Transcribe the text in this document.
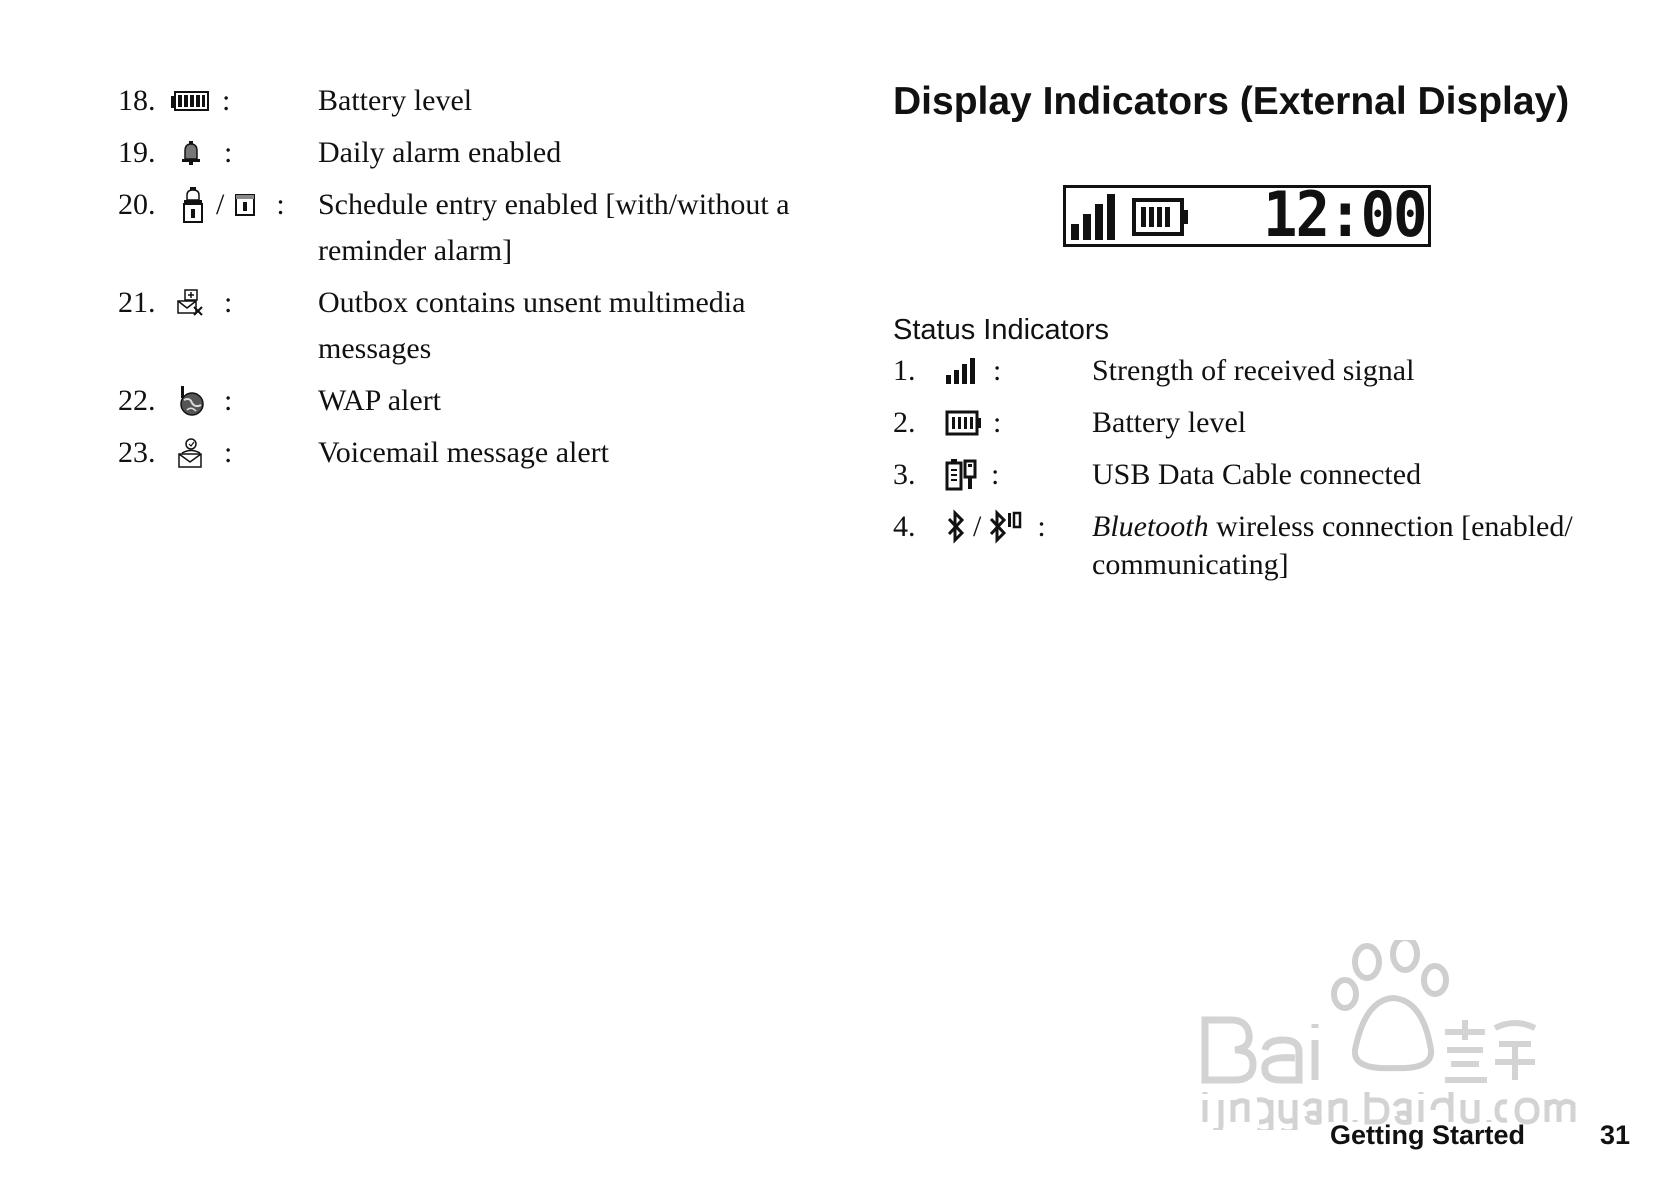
18.	:	Battery level
19.	:	Daily alarm enabled
20.	/ : Schedule entry enabled [with/without a
reminder alarm]
21.	:	Outbox contains unsent multimedia
messages
22.	:	WAP alert
23.	:	Voicemail message alert
Display Indicators (External Display)
12:00
Status Indicators
1.	:	Strength of received signal
2.	:	Battery level
3.	:	USB Data Cable connected
4.	/ : Bluetooth wireless connection [enabled/
communicating]
Getting Started	31
